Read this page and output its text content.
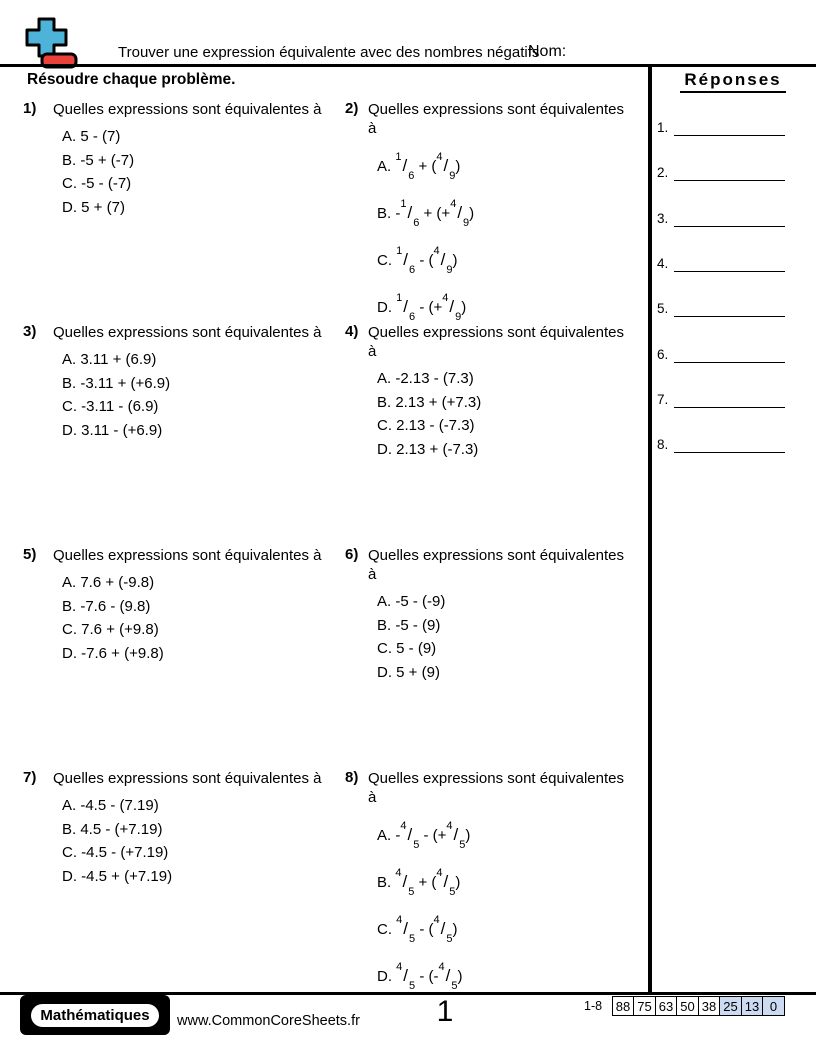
Trouver une expression équivalente avec des nombres négatifs
Nom:
Résoudre chaque problème.	Réponses
1.
2.
3.
4.
5.
6.
7.
8.
1) Quelles expressions sont équivalentes à
A. 5 - (7)
B. -5 + (-7)
C. -5 - (-7)
D. 5 + (7)
2) Quelles expressions sont équivalentes
à
A. $^1/_6 + (^4/_9)$
B. $-^1/_6 + (+^4/_9)$
C. $^1/_6 - (^4/_9)$
D. $^1/_6 - (+^4/_9)$
3) Quelles expressions sont équivalentes à
A. 3.11 + (6.9)
B. -3.11 + (+6.9)
C. -3.11 - (6.9)
D. 3.11 - (+6.9)
4) Quelles expressions sont équivalentes
à
A. -2.13 - (7.3)
B. 2.13 + (+7.3)
C. 2.13 - (-7.3)
D. 2.13 + (-7.3)
5) Quelles expressions sont équivalentes à
A. 7.6 + (-9.8)
B. -7.6 - (9.8)
C. 7.6 + (+9.8)
D. -7.6 + (+9.8)
6) Quelles expressions sont équivalentes
à
A. -5 - (-9)
B. -5 - (9)
C. 5 - (9)
D. 5 + (9)
7) Quelles expressions sont équivalentes à
A. -4.5 - (7.19)
B. 4.5 - (+7.19)
C. -4.5 - (+7.19)
D. -4.5 + (+7.19)
8) Quelles expressions sont équivalentes
à
A. $-^4/_5 - (+^4/_5)$
B. $^4/_5 + (^4/_5)$
C. $^4/_5 - (^4/_5)$
D. $^4/_5 - (-^4/_5)$
Mathématiques	www.CommonCoreSheets.fr	1	1-8	88 75 63 50 38 25 13 0
